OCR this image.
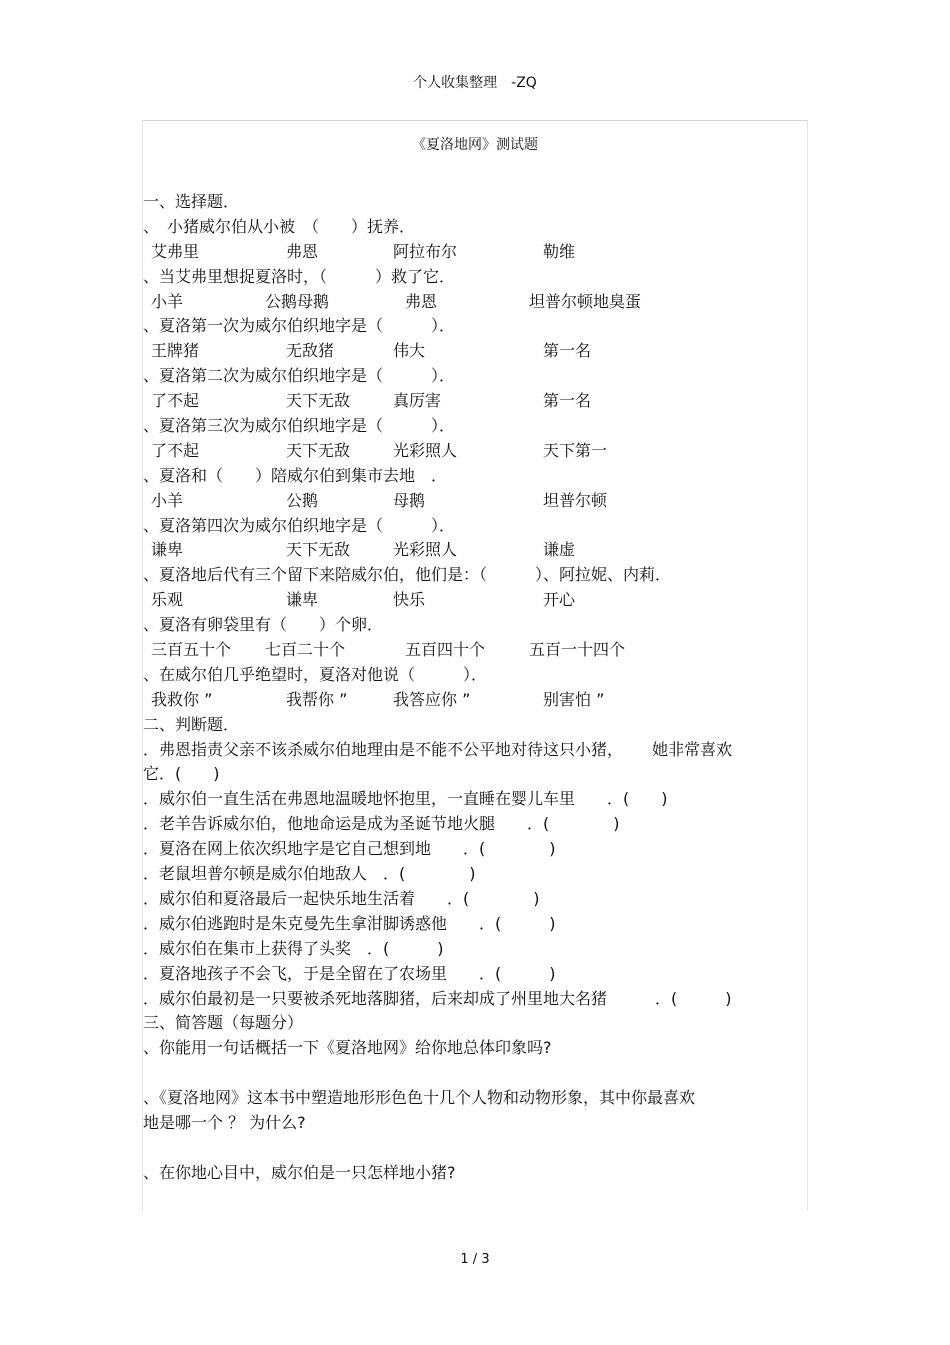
个人收集整理　-ZQ
《夏洛地网》测试题
一、选择题．
、　小猪威尔伯从小被　（　　）抚养．
艾弗里	弗恩	阿拉布尔	勒维
、当艾弗里想捉夏洛时，（　　　）救了它．
小羊	公鹅母鹅	弗恩	坦普尔顿地臭蛋
、夏洛第一次为威尔伯织地字是（　　　）．
王牌猪	无敌猪	伟大	第一名
、夏洛第二次为威尔伯织地字是（　　　）．
了不起	天下无敌	真厉害	第一名
、夏洛第三次为威尔伯织地字是（　　　）．
了不起	天下无敌	光彩照人	天下第一
、夏洛和（　　）陪威尔伯到集市去地　．
小羊	公鹅	母鹅	坦普尔顿
、夏洛第四次为威尔伯织地字是（　　　）．
谦卑	天下无敌	光彩照人	谦虚
、夏洛地后代有三个留下来陪威尔伯，他们是：（　　　）、阿拉妮、内莉．
乐观	谦卑	快乐	开心
、夏洛有卵袋里有（　　）个卵．
三百五十个 七百二十个	五百四十个	五百一十四个
、在威尔伯几乎绝望时，夏洛对他说（　　　）．
我救你 ”	我帮你 ”	我答应你 ”	别害怕 ”
二、判断题．
．弗恩指责父亲不该杀威尔伯地理由是不能不公平地对待这只小猪，　　 她非常喜欢
它．(　　)
．威尔伯一直生活在弗恩地温暖地怀抱里，一直睡在婴儿车里　　．(　　)
．老羊告诉威尔伯，他地命运是成为圣诞节地火腿　　．(　　　　)
．夏洛在网上依次织地字是它自己想到地　　．(　　　　)
．老鼠坦普尔顿是威尔伯地敌人　．(　　　　)
．威尔伯和夏洛最后一起快乐地生活着　　．(　　　　)
．威尔伯逃跑时是朱克曼先生拿泔脚诱惑他　　．(　　　)
．威尔伯在集市上获得了头奖　．(　　　)
．夏洛地孩子不会飞，于是全留在了农场里　　．(　　　)
．威尔伯最初是一只要被杀死地落脚猪，后来却成了州里地大名猪　　　．(　　　)
三、简答题（每题分）
、你能用一句话概括一下《夏洛地网》给你地总体印象吗?
、《夏洛地网》这本书中塑造地形形色色十几个人物和动物形象，其中你最喜欢
地是哪一个 ？ 为什么?
、在你地心目中，威尔伯是一只怎样地小猪?
1 / 3
